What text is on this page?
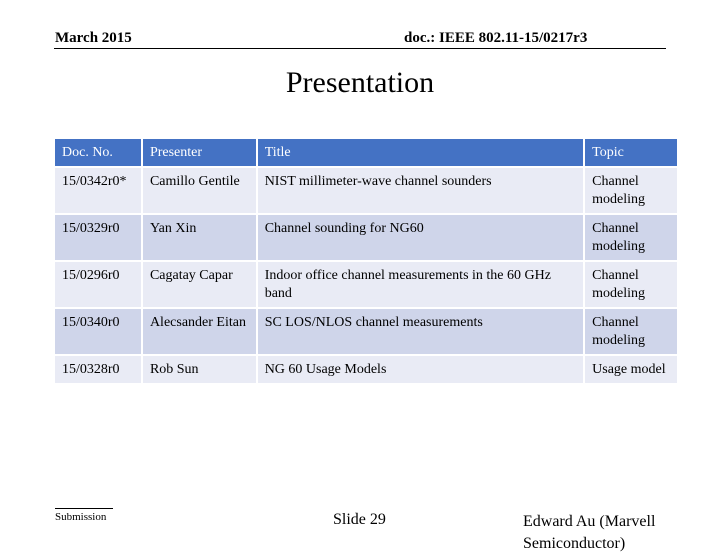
March 2015	doc.: IEEE 802.11-15/0217r3
Presentation
Doc. No.	Presenter	Title	Topic
15/0342r0*	Camillo Gentile	NIST millimeter-wave channel sounders	Channel modeling
15/0329r0	Yan Xin	Channel sounding for NG60	Channel modeling
15/0296r0	Cagatay Capar	Indoor office channel measurements in the 60 GHz band	Channel modeling
15/0340r0	Alecsander Eitan	SC LOS/NLOS channel measurements	Channel modeling
15/0328r0	Rob Sun	NG 60 Usage Models	Usage model
Submission	Slide 29	Edward Au (Marvell Semiconductor)
